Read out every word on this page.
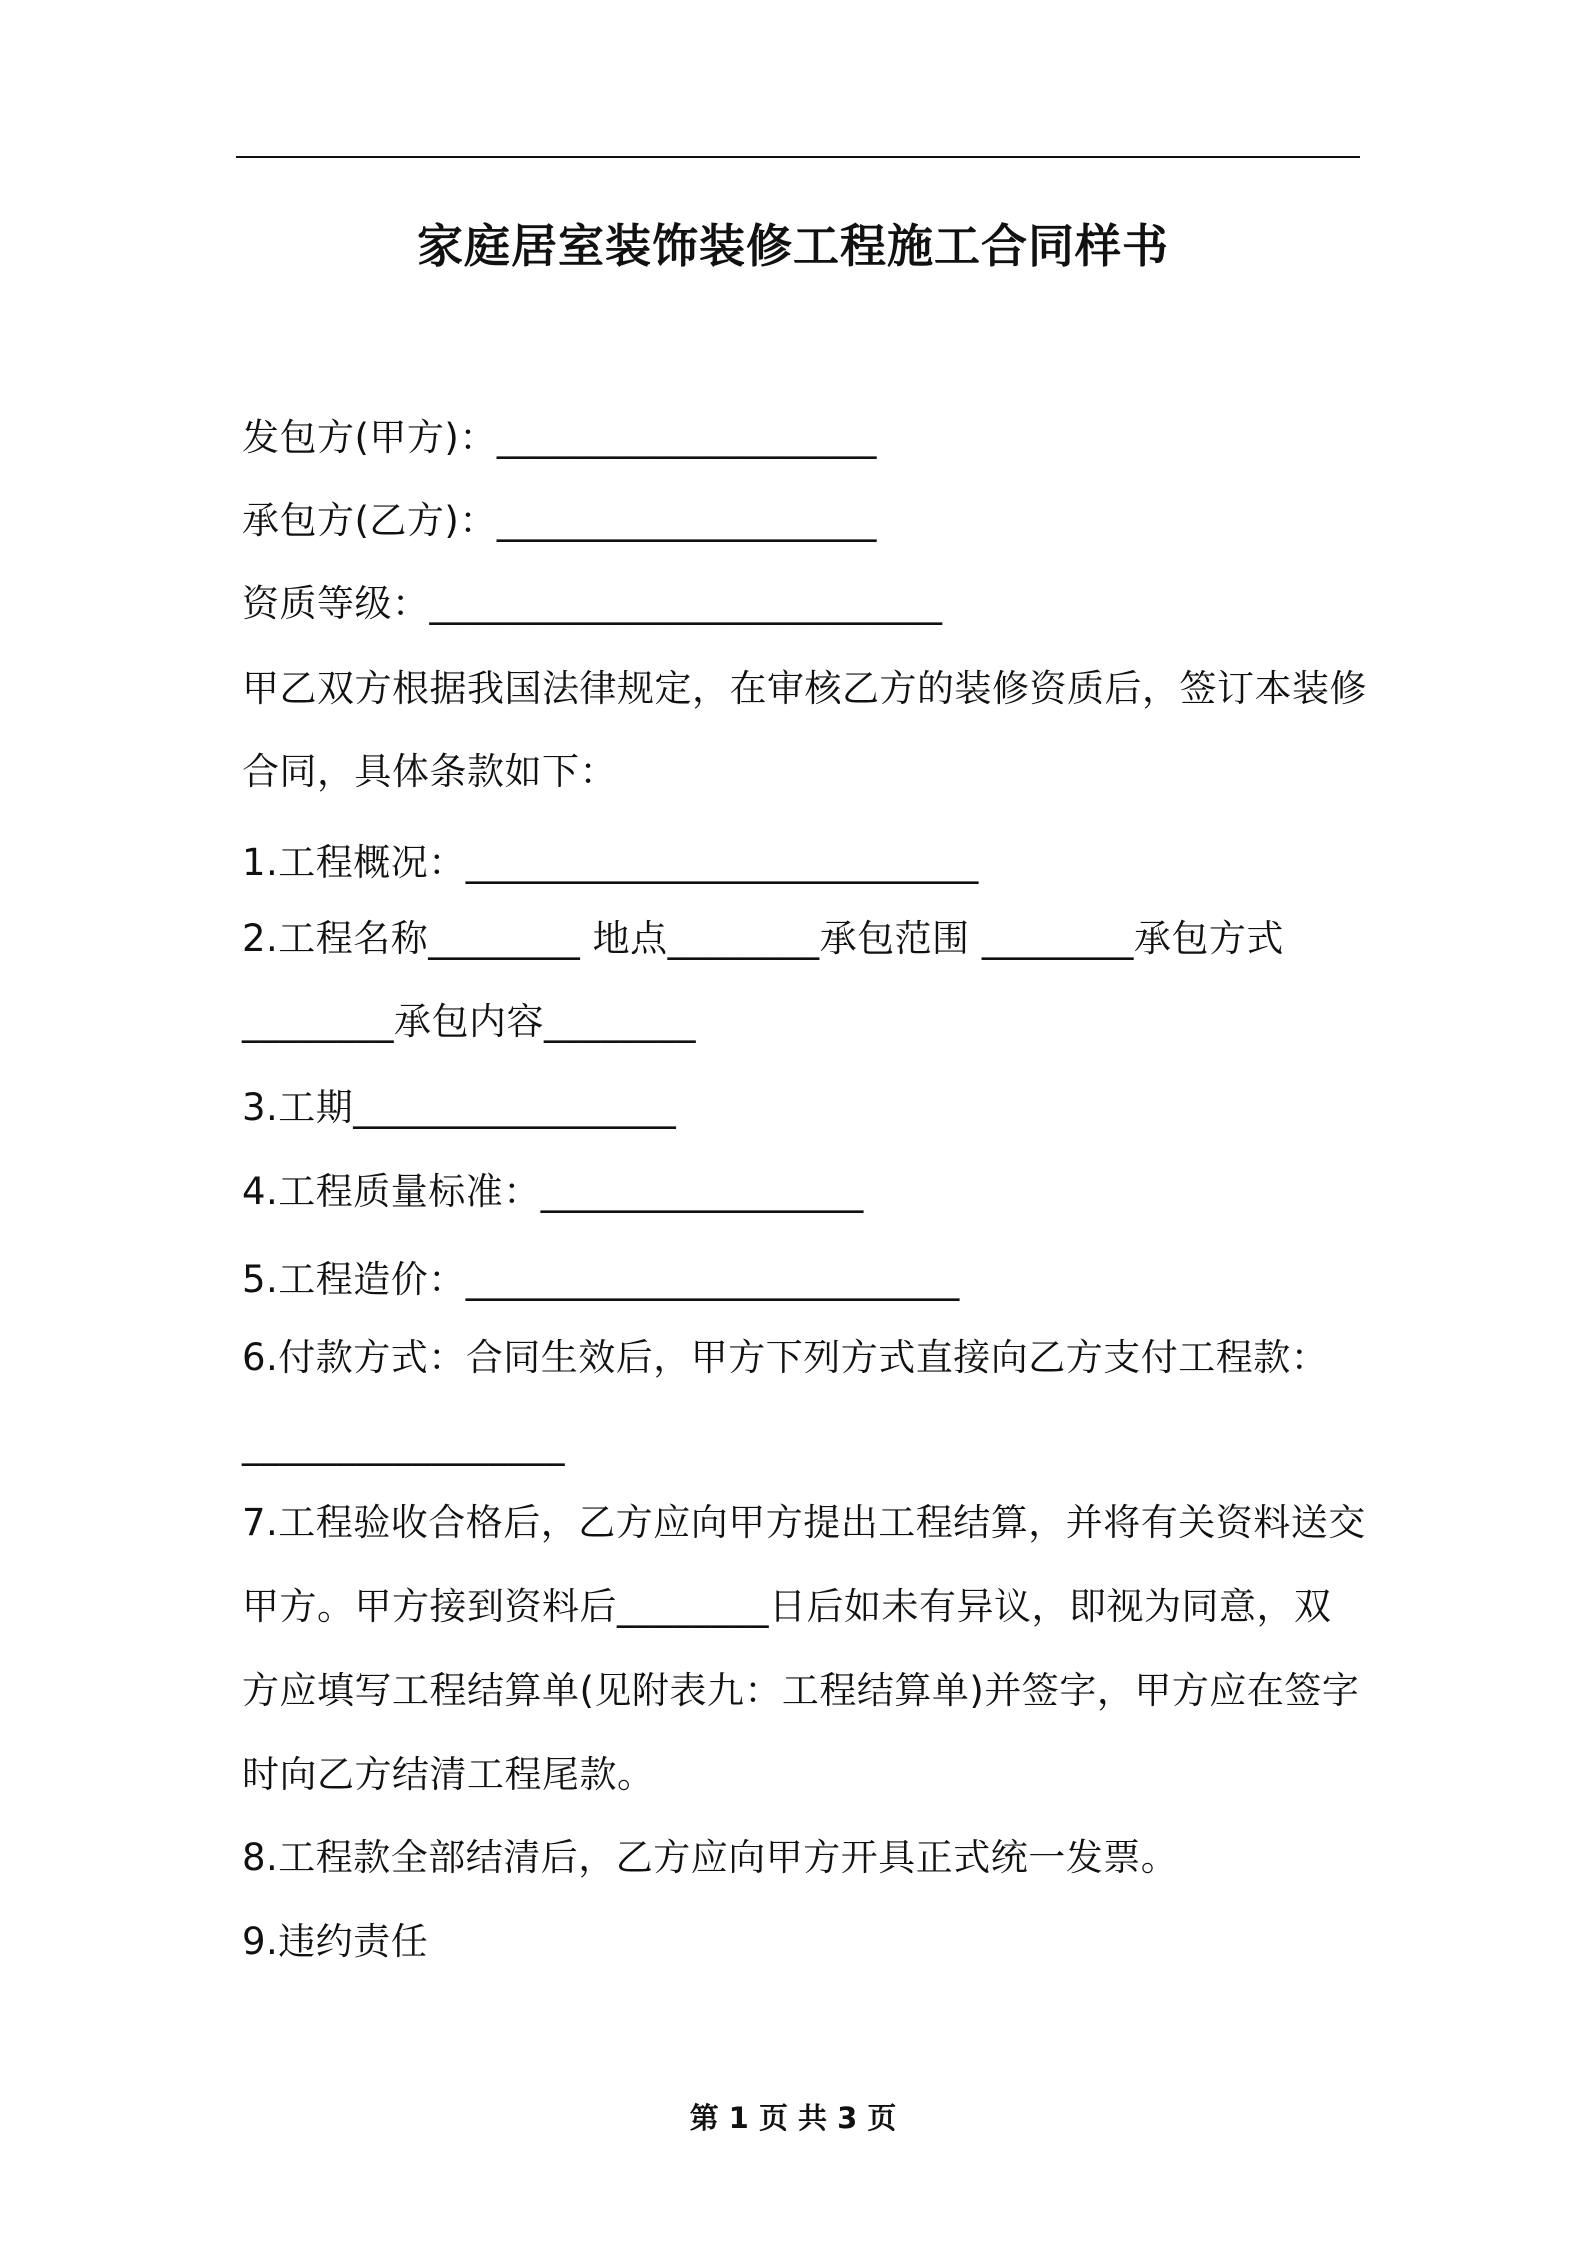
家庭居室装饰装修工程施工合同样书
发包方(甲方)：____________________
承包方(乙方)：____________________
资质等级：___________________________
甲乙双方根据我国法律规定，在审核乙方的装修资质后，签订本装修
合同，具体条款如下：
1.工程概况：___________________________
2.工程名称________ 地点________承包范围 ________承包方式
________承包内容________
3.工期_________________
4.工程质量标准：_________________
5.工程造价：__________________________
6.付款方式：合同生效后，甲方下列方式直接向乙方支付工程款：
_________________
7.工程验收合格后，乙方应向甲方提出工程结算，并将有关资料送交
甲方。甲方接到资料后________日后如未有异议，即视为同意，双
方应填写工程结算单(见附表九：工程结算单)并签字，甲方应在签字
时向乙方结清工程尾款。
8.工程款全部结清后，乙方应向甲方开具正式统一发票。
9.违约责任
第 1 页 共 3 页
